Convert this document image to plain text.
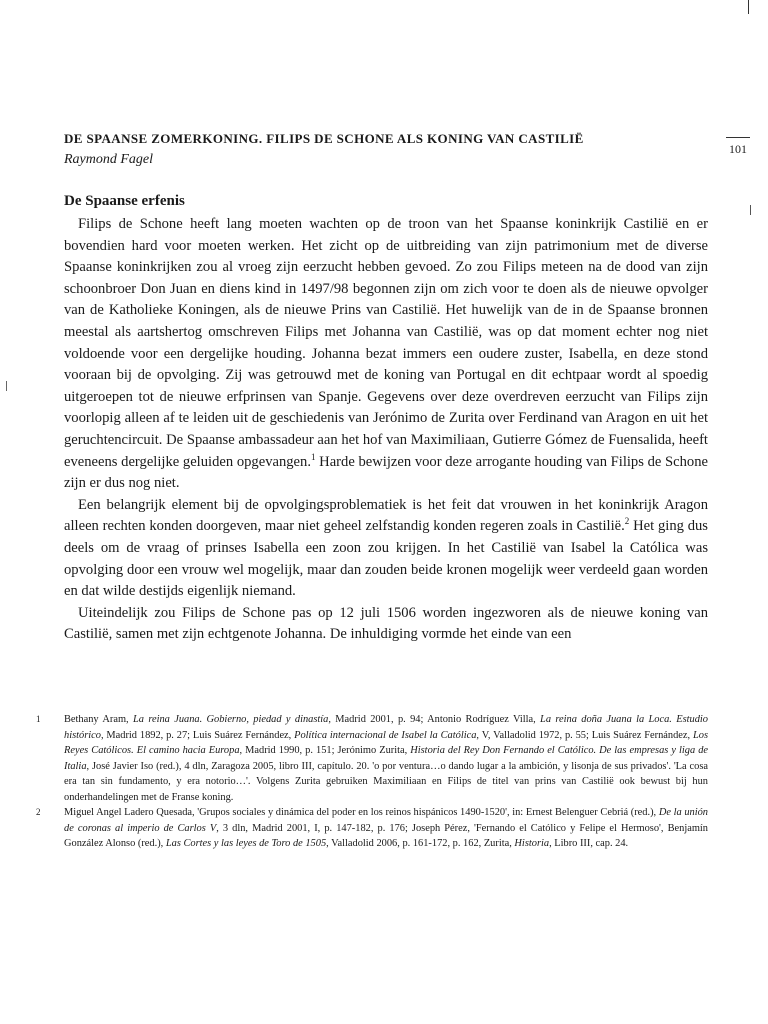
101
DE SPAANSE ZOMERKONING. FILIPS DE SCHONE ALS KONING VAN CASTILIË
Raymond Fagel
De Spaanse erfenis

Filips de Schone heeft lang moeten wachten op de troon van het Spaanse koninkrijk Castilië en er bovendien hard voor moeten werken. Het zicht op de uitbreiding van zijn patrimonium met de diverse Spaanse koninkrijken zou al vroeg zijn eerzucht hebben gevoed. Zo zou Filips meteen na de dood van zijn schoonbroer Don Juan en diens kind in 1497/98 begonnen zijn om zich voor te doen als de nieuwe opvolger van de Katholieke Koningen, als de nieuwe Prins van Castilië. Het huwelijk van de in de Spaanse bronnen meestal als aartshertog omschreven Filips met Johanna van Castilië, was op dat moment echter nog niet voldoende voor een dergelijke houding. Johanna bezat immers een oudere zuster, Isabella, en deze stond vooraan bij de opvolging. Zij was getrouwd met de koning van Portugal en dit echtpaar wordt al spoedig uitgeroepen tot de nieuwe erfprinsen van Spanje. Gegevens over deze overdreven eerzucht van Filips zijn voorlopig alleen af te leiden uit de geschiedenis van Jerónimo de Zurita over Ferdinand van Aragon en uit het geruchtencircuit. De Spaanse ambassadeur aan het hof van Maximiliaan, Gutierre Gómez de Fuensalida, heeft eveneens dergelijke geluiden opgevangen.$^1$ Harde bewijzen voor deze arrogante houding van Filips de Schone zijn er dus nog niet.

Een belangrijk element bij de opvolgingsproblematiek is het feit dat vrouwen in het koninkrijk Aragon alleen rechten konden doorgeven, maar niet geheel zelfstandig konden regeren zoals in Castilië.$^2$ Het ging dus deels om de vraag of prinses Isabella een zoon zou krijgen. In het Castilië van Isabel la Católica was opvolging door een vrouw wel mogelijk, maar dan zouden beide kronen mogelijk weer verdeeld gaan worden en dat wilde destijds eigenlijk niemand.

Uiteindelijk zou Filips de Schone pas op 12 juli 1506 worden ingezworen als de nieuwe koning van Castilië, samen met zijn echtgenote Johanna. De inhuldiging vormde het einde van een

1	Bethany Aram, La reina Juana. Gobierno, piedad y dinastía, Madrid 2001, p. 94; Antonio Rodríguez Villa, La reina doña Juana la Loca. Estudio histórico, Madrid 1892, p. 27; Luis Suárez Fernández, Política internacional de Isabel la Católica, V, Valladolid 1972, p. 55; Luis Suárez Fernández, Los Reyes Católicos. El camino hacia Europa, Madrid 1990, p. 151; Jerónimo Zurita, Historia del Rey Don Fernando el Católico. De las empresas y liga de Italia, José Javier Iso (red.), 4 dln, Zaragoza 2005, libro III, capítulo. 20. 'o por ventura…o dando lugar a la ambición, y lisonja de sus privados'. 'La cosa era tan sin fundamento, y era notorio…'. Volgens Zurita gebruiken Maximiliaan en Filips de titel van prins van Castilië ook bewust bij hun onderhandelingen met de Franse koning.
2	Miguel Angel Ladero Quesada, 'Grupos sociales y dinámica del poder en los reinos hispánicos 1490-1520', in: Ernest Belenguer Cebriá (red.), De la unión de coronas al imperio de Carlos V, 3 dln, Madrid 2001, I, p. 147-182, p. 176; Joseph Pérez, 'Fernando el Católico y Felipe el Hermoso', Benjamín González Alonso (red.), Las Cortes y las leyes de Toro de 1505, Valladolid 2006, p. 161-172, p. 162, Zurita, Historia, Libro III, cap. 24.
